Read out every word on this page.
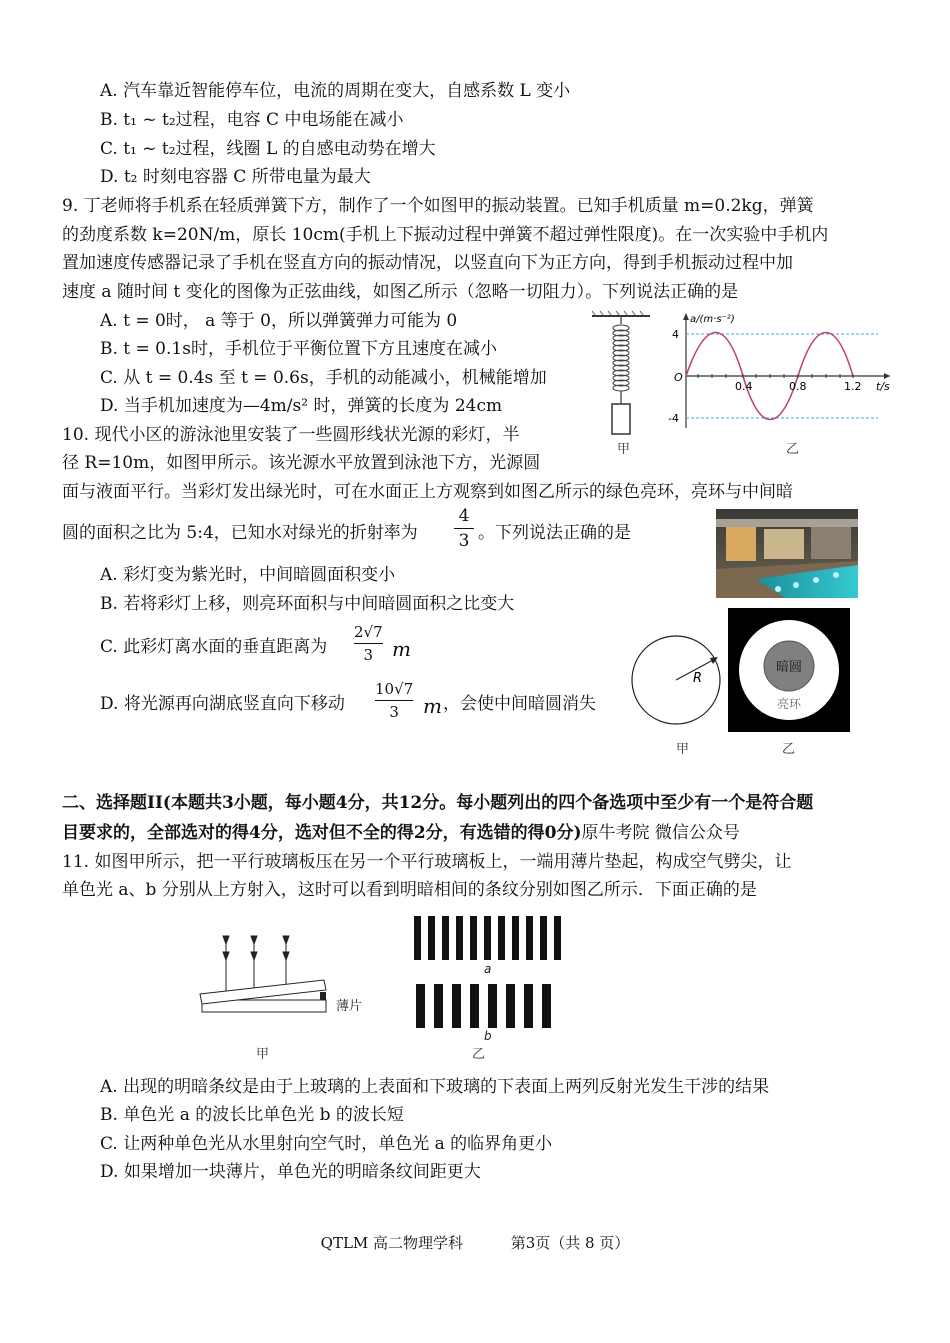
A. 汽车靠近智能停车位，电流的周期在变大，自感系数 L 变小
B. t₁ ~ t₂过程，电容 C 中电场能在减小
C. t₁ ~ t₂过程，线圈 L 的自感电动势在增大
D. t₂ 时刻电容器 C 所带电量为最大
9. 丁老师将手机系在轻质弹簧下方，制作了一个如图甲的振动装置。已知手机质量 m=0.2kg，弹簧
的劲度系数 k=20N/m，原长 10cm(手机上下振动过程中弹簧不超过弹性限度)。在一次实验中手机内
置加速度传感器记录了手机在竖直方向的振动情况，以竖直向下为正方向，得到手机振动过程中加
速度 a 随时间 t 变化的图像为正弦曲线，如图乙所示（忽略一切阻力）。下列说法正确的是
A. t = 0时， a 等于 0，所以弹簧弹力可能为 0
B. t = 0.1s时，手机位于平衡位置下方且速度在减小
C. 从 t = 0.4s 至 t = 0.6s，手机的动能减小，机械能增加
D. 当手机加速度为—4m/s² 时，弹簧的长度为 24cm
甲
4
-4
O
0.4	0.8	1.2
a/(m·s⁻²)
t/s
乙
10. 现代小区的游泳池里安装了一些圆形线状光源的彩灯，半
径 R=10m，如图甲所示。该光源水平放置到泳池下方，光源圆
面与液面平行。当彩灯发出绿光时，可在水面正上方观察到如图乙所示的绿色亮环，亮环与中间暗
圆的面积之比为 5:4，已知水对绿光的折射率为
4
3 。下列说法正确的是
A. 彩灯变为紫光时，中间暗圆面积变小
B. 若将彩灯上移，则亮环面积与中间暗圆面积之比变大
C. 此彩灯离水面的垂直距离为
2√7
3 m
D. 将光源再向湖底竖直向下移动
10√7
3	m ，会使中间暗圆消失
R
甲
暗圆
亮环
乙
二、选择题II(本题共3小题，每小题4分，共12分。每小题列出的四个备选项中至少有一个是符合题
目要求的，全部选对的得4分，选对但不全的得2分，有选错的得0分)原牛考院 微信公众号
11. 如图甲所示，把一平行玻璃板压在另一个平行玻璃板上，一端用薄片垫起，构成空气劈尖，让
单色光 a、b 分别从上方射入，这时可以看到明暗相间的条纹分别如图乙所示．下面正确的是
薄片
甲
a
b
乙
A. 出现的明暗条纹是由于上玻璃的上表面和下玻璃的下表面上两列反射光发生干涉的结果
B. 单色光 a 的波长比单色光 b 的波长短
C. 让两种单色光从水里射向空气时，单色光 a 的临界角更小
D. 如果增加一块薄片，单色光的明暗条纹间距更大
QTLM 高二物理学科          第3页（共 8 页）
